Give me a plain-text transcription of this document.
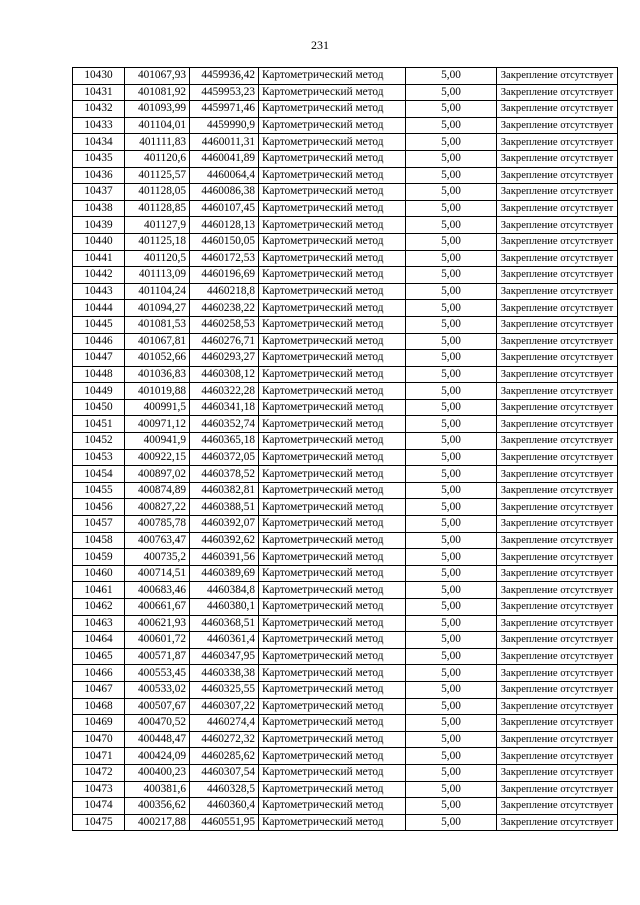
231
10430	401067,93	4459936,42	Картометрический метод	5,00	Закрепление отсутствует
10431	401081,92	4459953,23	Картометрический метод	5,00	Закрепление отсутствует
10432	401093,99	4459971,46	Картометрический метод	5,00	Закрепление отсутствует
10433	401104,01	4459990,9	Картометрический метод	5,00	Закрепление отсутствует
10434	401111,83	4460011,31	Картометрический метод	5,00	Закрепление отсутствует
10435	401120,6	4460041,89	Картометрический метод	5,00	Закрепление отсутствует
10436	401125,57	4460064,4	Картометрический метод	5,00	Закрепление отсутствует
10437	401128,05	4460086,38	Картометрический метод	5,00	Закрепление отсутствует
10438	401128,85	4460107,45	Картометрический метод	5,00	Закрепление отсутствует
10439	401127,9	4460128,13	Картометрический метод	5,00	Закрепление отсутствует
10440	401125,18	4460150,05	Картометрический метод	5,00	Закрепление отсутствует
10441	401120,5	4460172,53	Картометрический метод	5,00	Закрепление отсутствует
10442	401113,09	4460196,69	Картометрический метод	5,00	Закрепление отсутствует
10443	401104,24	4460218,8	Картометрический метод	5,00	Закрепление отсутствует
10444	401094,27	4460238,22	Картометрический метод	5,00	Закрепление отсутствует
10445	401081,53	4460258,53	Картометрический метод	5,00	Закрепление отсутствует
10446	401067,81	4460276,71	Картометрический метод	5,00	Закрепление отсутствует
10447	401052,66	4460293,27	Картометрический метод	5,00	Закрепление отсутствует
10448	401036,83	4460308,12	Картометрический метод	5,00	Закрепление отсутствует
10449	401019,88	4460322,28	Картометрический метод	5,00	Закрепление отсутствует
10450	400991,5	4460341,18	Картометрический метод	5,00	Закрепление отсутствует
10451	400971,12	4460352,74	Картометрический метод	5,00	Закрепление отсутствует
10452	400941,9	4460365,18	Картометрический метод	5,00	Закрепление отсутствует
10453	400922,15	4460372,05	Картометрический метод	5,00	Закрепление отсутствует
10454	400897,02	4460378,52	Картометрический метод	5,00	Закрепление отсутствует
10455	400874,89	4460382,81	Картометрический метод	5,00	Закрепление отсутствует
10456	400827,22	4460388,51	Картометрический метод	5,00	Закрепление отсутствует
10457	400785,78	4460392,07	Картометрический метод	5,00	Закрепление отсутствует
10458	400763,47	4460392,62	Картометрический метод	5,00	Закрепление отсутствует
10459	400735,2	4460391,56	Картометрический метод	5,00	Закрепление отсутствует
10460	400714,51	4460389,69	Картометрический метод	5,00	Закрепление отсутствует
10461	400683,46	4460384,8	Картометрический метод	5,00	Закрепление отсутствует
10462	400661,67	4460380,1	Картометрический метод	5,00	Закрепление отсутствует
10463	400621,93	4460368,51	Картометрический метод	5,00	Закрепление отсутствует
10464	400601,72	4460361,4	Картометрический метод	5,00	Закрепление отсутствует
10465	400571,87	4460347,95	Картометрический метод	5,00	Закрепление отсутствует
10466	400553,45	4460338,38	Картометрический метод	5,00	Закрепление отсутствует
10467	400533,02	4460325,55	Картометрический метод	5,00	Закрепление отсутствует
10468	400507,67	4460307,22	Картометрический метод	5,00	Закрепление отсутствует
10469	400470,52	4460274,4	Картометрический метод	5,00	Закрепление отсутствует
10470	400448,47	4460272,32	Картометрический метод	5,00	Закрепление отсутствует
10471	400424,09	4460285,62	Картометрический метод	5,00	Закрепление отсутствует
10472	400400,23	4460307,54	Картометрический метод	5,00	Закрепление отсутствует
10473	400381,6	4460328,5	Картометрический метод	5,00	Закрепление отсутствует
10474	400356,62	4460360,4	Картометрический метод	5,00	Закрепление отсутствует
10475	400217,88	4460551,95	Картометрический метод	5,00	Закрепление отсутствует
